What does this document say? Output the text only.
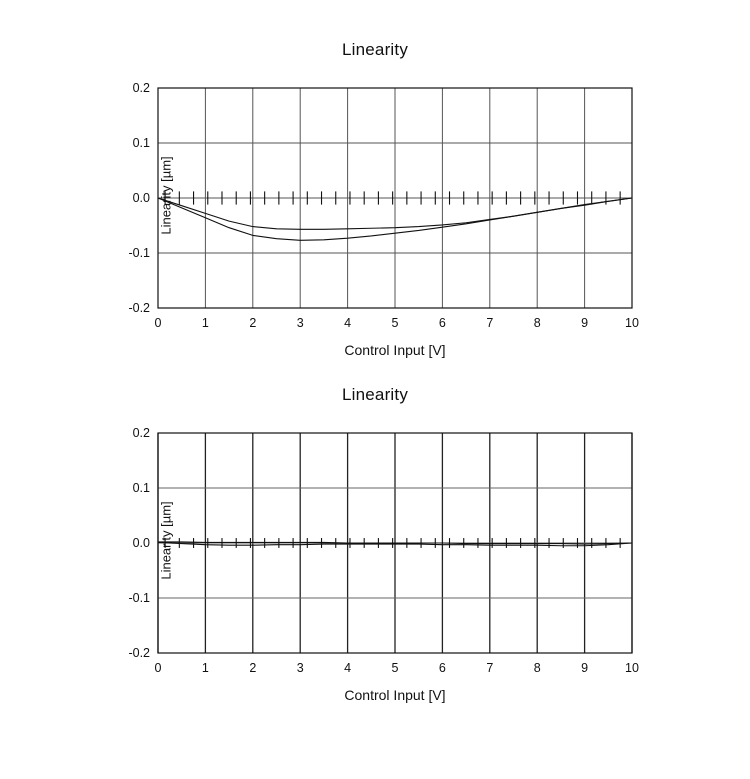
Linearity
Linearity [µm]
Control Input [V]
0.2
0.1
0.0
-0.1
-0.2
0	1	2	3	4	5	6	7	8	9	10
Linearity
Linearity [µm]
Control Input [V]
0.2
0.1
0.0
-0.1
-0.2
0	1	2	3	4	5	6	7	8	9	10
